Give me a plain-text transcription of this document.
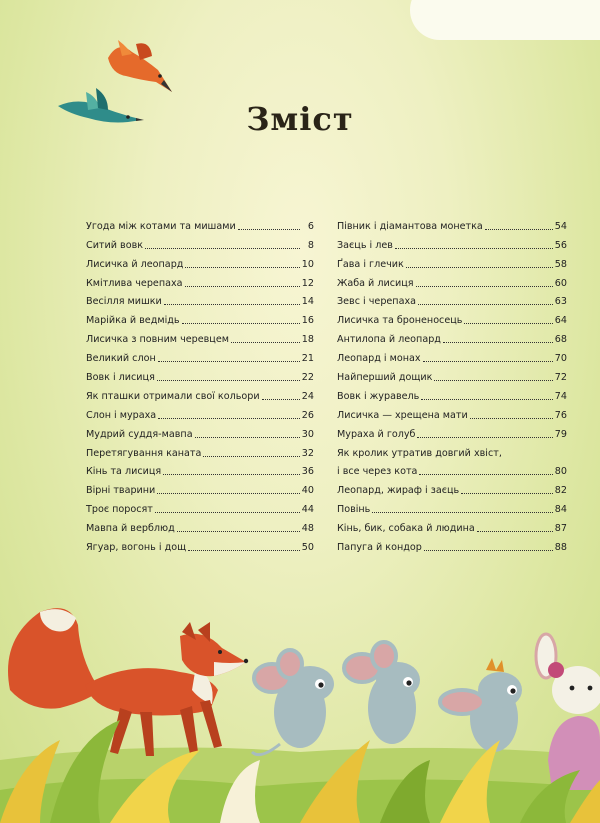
Зміст
Угода між котами та мишами	6
Ситий вовк	8
Лисичка й леопард	10
Кмітлива черепаха	12
Весілля мишки	14
Марійка й ведмідь	16
Лисичка з повним черевцем	18
Великий слон	21
Вовк і лисиця	22
Як пташки отримали свої кольори	24
Слон і мураха	26
Мудрий суддя-мавпа	30
Перетягування каната	32
Кінь та лисиця	36
Вірні тварини	40
Троє поросят	44
Мавпа й верблюд	48
Ягуар, вогонь і дощ	50
Півник і діамантова монетка	54
Заєць і лев	56
Ґава і глечик	58
Жаба й лисиця	60
Зевс і черепаха	63
Лисичка та броненосець	64
Антилопа й леопард	68
Леопард і монах	70
Найперший дощик	72
Вовк і журавель	74
Лисичка — хрещена мати	76
Мураха й голуб	79
Як кролик утратив довгий хвіст,
і все через кота	80
Леопард, жираф і заєць	82
Повінь	84
Кінь, бик, собака й людина	87
Папуга й кондор	88
